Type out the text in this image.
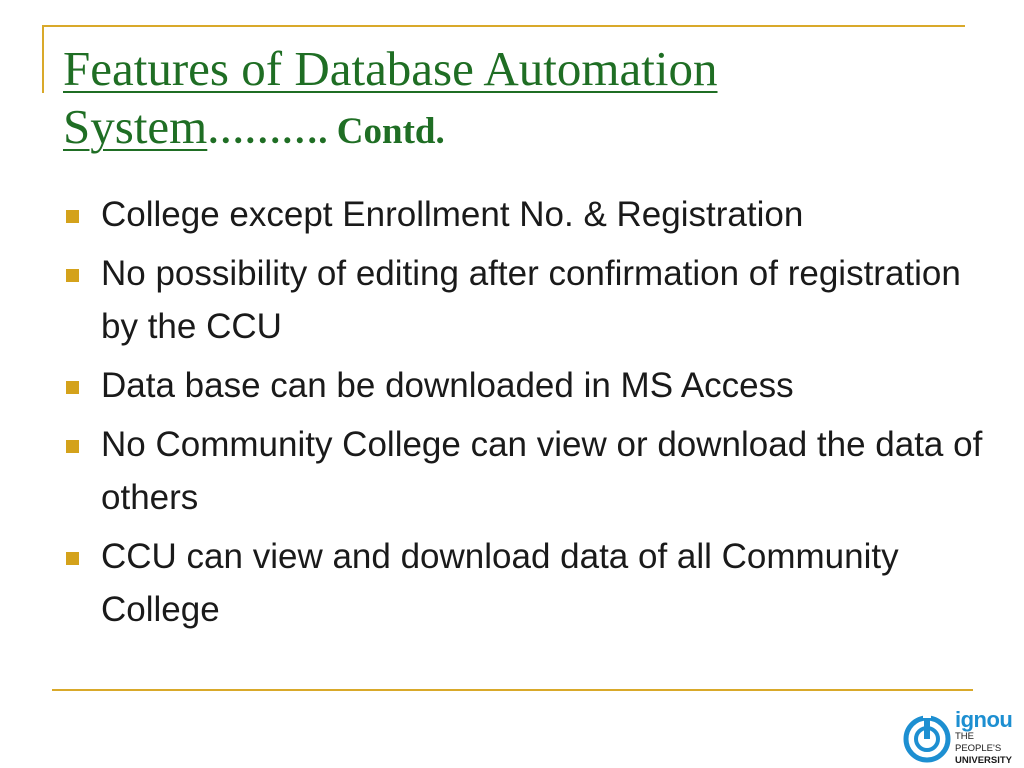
Features of Database Automation System………. Contd.
College except Enrollment No. & Registration
No possibility of editing after confirmation of registration by the CCU
Data base can be downloaded in MS Access
No Community College can view or download the data of others
CCU can view and download data of all Community College
ignou
THE PEOPLE'S
UNIVERSITY
